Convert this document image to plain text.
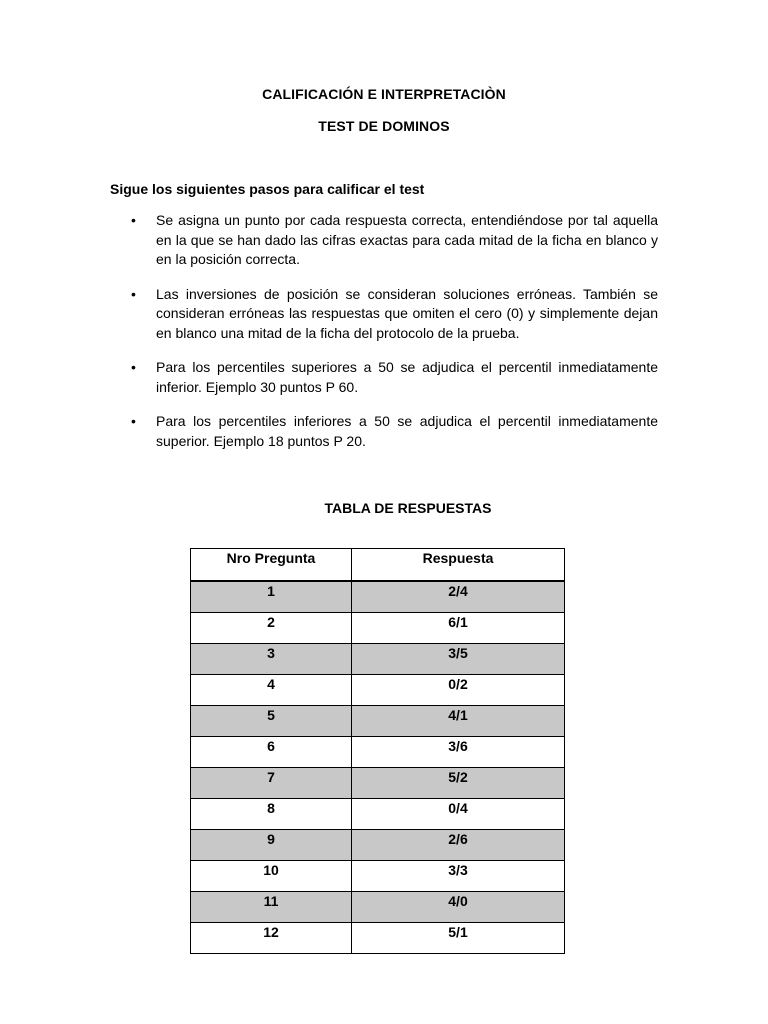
CALIFICACIÓN E INTERPRETACIÒN
TEST DE DOMINOS
Sigue los siguientes pasos para calificar el test
• Se asigna un punto por cada respuesta correcta, entendiéndose por tal aquella en la que se han dado las cifras exactas para cada mitad de la ficha en blanco y en la posición correcta.
• Las inversiones de posición se consideran soluciones erróneas. También se consideran erróneas las respuestas que omiten el cero (0) y simplemente dejan en blanco una mitad de la ficha del protocolo de la prueba.
• Para los percentiles superiores a 50 se adjudica el percentil inmediatamente inferior. Ejemplo 30 puntos P 60.
• Para los percentiles inferiores a 50 se adjudica el percentil inmediatamente superior. Ejemplo 18 puntos P 20.
TABLA DE RESPUESTAS
Nro Pregunta	Respuesta
1	2/4
2	6/1
3	3/5
4	0/2
5	4/1
6	3/6
7	5/2
8	0/4
9	2/6
10	3/3
11	4/0
12	5/1
